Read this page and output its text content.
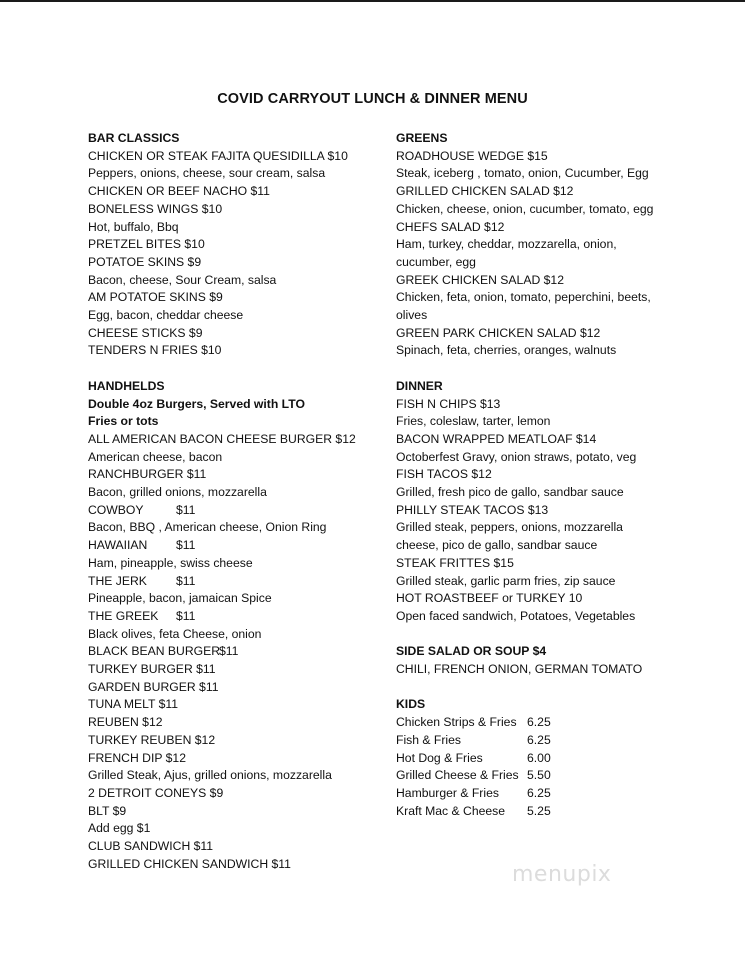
COVID CARRYOUT LUNCH & DINNER MENU
BAR CLASSICS
CHICKEN OR STEAK FAJITA QUESIDILLA $10
Peppers, onions, cheese, sour cream, salsa
CHICKEN OR BEEF NACHO $11
BONELESS WINGS $10
Hot, buffalo, Bbq
PRETZEL BITES $10
POTATOE SKINS $9
Bacon, cheese, Sour Cream, salsa
AM POTATOE SKINS $9
Egg, bacon, cheddar cheese
CHEESE STICKS $9
TENDERS N FRIES $10
HANDHELDS
Double 4oz Burgers, Served with LTO
Fries or tots
ALL AMERICAN BACON CHEESE BURGER $12
American cheese, bacon
RANCHBURGER $11
Bacon, grilled onions, mozzarella
COWBOY	$11
Bacon, BBQ , American cheese, Onion Ring
HAWAIIAN $11
Ham, pineapple, swiss cheese
THE JERK $11
Pineapple, bacon, jamaican Spice
THE GREEK $11
Black olives, feta Cheese, onion
BLACK BEAN BURGER$11
TURKEY BURGER $11
GARDEN BURGER $11
TUNA MELT $11
REUBEN $12
TURKEY REUBEN $12
FRENCH DIP $12
Grilled Steak, Ajus, grilled onions, mozzarella
2 DETROIT CONEYS $9
BLT $9
Add egg $1
CLUB SANDWICH $11
GRILLED CHICKEN SANDWICH $11
GREENS
ROADHOUSE WEDGE $15
Steak, iceberg , tomato, onion, Cucumber, Egg
GRILLED CHICKEN SALAD $12
Chicken, cheese, onion, cucumber, tomato, egg
CHEFS SALAD $12
Ham, turkey, cheddar, mozzarella, onion,
cucumber, egg
GREEK CHICKEN SALAD $12
Chicken, feta, onion, tomato, peperchini, beets,
olives
GREEN PARK CHICKEN SALAD $12
Spinach, feta, cherries, oranges, walnuts
DINNER
FISH N CHIPS $13
Fries, coleslaw, tarter, lemon
BACON WRAPPED MEATLOAF $14
Octoberfest Gravy, onion straws, potato, veg
FISH TACOS $12
Grilled, fresh pico de gallo, sandbar sauce
PHILLY STEAK TACOS $13
Grilled steak, peppers, onions, mozzarella
cheese, pico de gallo, sandbar sauce
STEAK FRITTES $15
Grilled steak, garlic parm fries, zip sauce
HOT ROASTBEEF or TURKEY 10
Open faced sandwich, Potatoes, Vegetables
SIDE SALAD OR SOUP $4
CHILI, FRENCH ONION, GERMAN TOMATO
KIDS
Chicken Strips & Fries 6.25
Fish & Fries	6.25
Hot Dog & Fries	6.00
Grilled Cheese & Fries 5.50
Hamburger & Fries	6.25
Kraft Mac & Cheese	5.25
menupix
